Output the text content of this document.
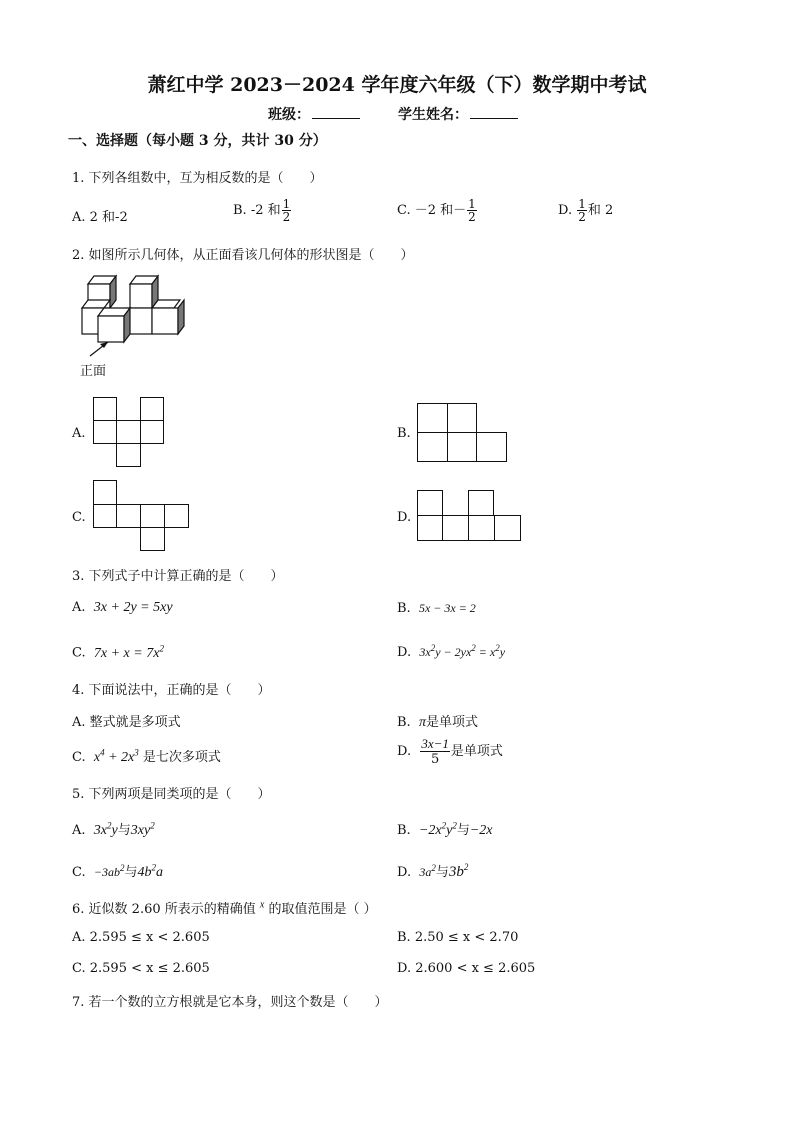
萧红中学 2023－2024 学年度六年级（下）数学期中考试
班级：	学生姓名：
一、选择题（每小题 3 分，共计 30 分）
1. 下列各组数中，互为相反数的是（　　）
A. 2 和-2	B. -2 和 $\frac{1}{2}$	C. －2 和－ $\frac{1}{2}$	D. $\frac{1}{2}$ 和 2
2. 如图所示几何体，从正面看该几何体的形状图是（　　）
正面
A.	B.
C.	D.
3. 下列式子中计算正确的是（　　）
A. 3x + 2y = 5xy	B. 5x − 3x = 2
C. $7x + x = 7x^2$	D. $3x^2y - 2yx^2 = x^2y$
4. 下面说法中，正确的是（　　）
A. 整式就是多项式	B. π是单项式
C. $x^4 + 2x^3$ 是七次多项式	D. $\frac{3x-1}{5}$ 是单项式
5. 下列两项是同类项的是（　　）
A. $3x^2y$与$3xy^2$	B. $-2x^2y^2$与−2x
C. $-3ab^2$与$4b^2a$	D. $3a^2$与$3b^2$
6. 近似数 2.60 所表示的精确值 $^x$ 的取值范围是（ ）
A. 2.595 ≤ x < 2.605	B. 2.50 ≤ x < 2.70
C. 2.595 < x ≤ 2.605	D. 2.600 < x ≤ 2.605
7. 若一个数的立方根就是它本身，则这个数是（　　）
